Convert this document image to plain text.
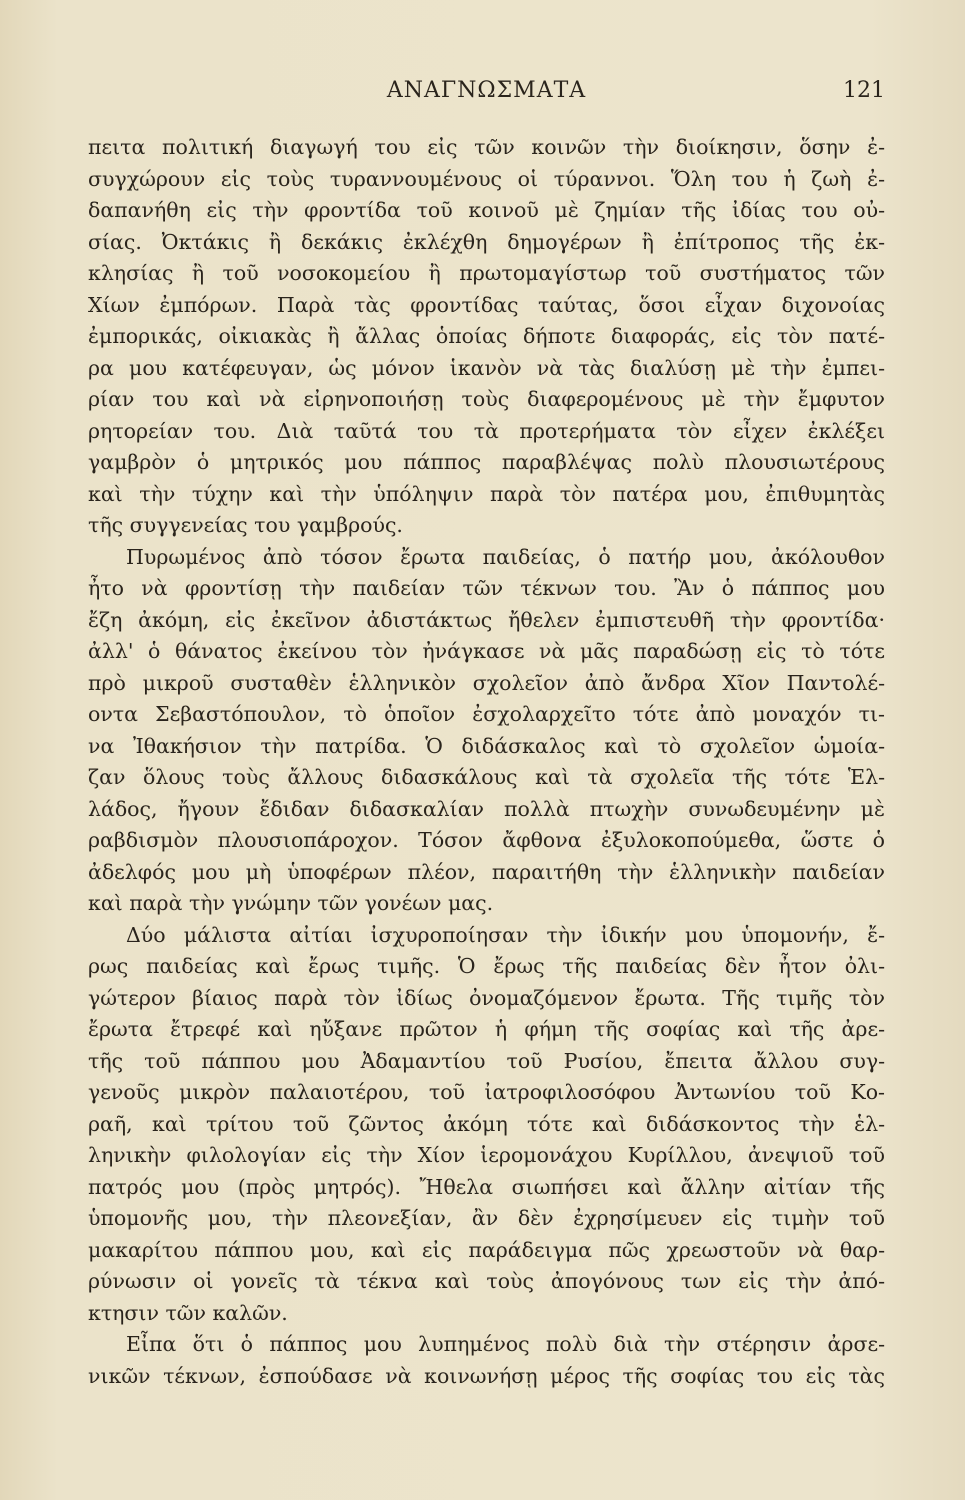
ΑΝΑΓΝΩΣΜΑΤΑ	121

πειτα πολιτική διαγωγή του εἰς τῶν κοινῶν τὴν διοίκησιν, ὅσην ἐ-

συγχώρουν εἰς τοὺς τυραννουμένους οἱ τύραννοι. Ὅλη του ἡ ζωὴ ἐ-

δαπανήθη εἰς τὴν φροντίδα τοῦ κοινοῦ μὲ ζημίαν τῆς ἰδίας του οὐ-

σίας. Ὀκτάκις ἢ δεκάκις ἐκλέχθη δημογέρων ἢ ἐπίτροπος τῆς ἐκ-

κλησίας ἢ τοῦ νοσοκομείου ἢ πρωτομαγίστωρ τοῦ συστήματος τῶν

Χίων ἐμπόρων. Παρὰ τὰς φροντίδας ταύτας, ὅσοι εἶχαν διχονοίας

ἐμπορικάς, οἰκιακὰς ἢ ἄλλας ὁποίας δήποτε διαφοράς, εἰς τὸν πατέ-

ρα μου κατέφευγαν, ὡς μόνον ἱκανὸν νὰ τὰς διαλύσῃ μὲ τὴν ἐμπει-

ρίαν του καὶ νὰ εἰρηνοποιήσῃ τοὺς διαφερομένους μὲ τὴν ἔμφυτον

ρητορείαν του. Διὰ ταῦτά του τὰ προτερήματα τὸν εἶχεν ἐκλέξει

γαμβρὸν ὁ μητρικός μου πάππος παραβλέψας πολὺ πλουσιωτέρους

καὶ τὴν τύχην καὶ τὴν ὑπόληψιν παρὰ τὸν πατέρα μου, ἐπιθυμητὰς

τῆς συγγενείας του γαμβρούς.

Πυρωμένος ἀπὸ τόσον ἔρωτα παιδείας, ὁ πατήρ μου, ἀκόλουθον

ἦτο νὰ φροντίσῃ τὴν παιδείαν τῶν τέκνων του. Ἂν ὁ πάππος μου

ἔζη ἀκόμη, εἰς ἐκεῖνον ἀδιστάκτως ἤθελεν ἐμπιστευθῆ τὴν φροντίδα·

ἀλλ' ὁ θάνατος ἐκείνου τὸν ἠνάγκασε νὰ μᾶς παραδώσῃ εἰς τὸ τότε

πρὸ μικροῦ συσταθὲν ἑλληνικὸν σχολεῖον ἀπὸ ἄνδρα Χῖον Παντολέ-

οντα Σεβαστόπουλον, τὸ ὁποῖον ἐσχολαρχεῖτο τότε ἀπὸ μοναχόν τι-

να Ἰθακήσιον τὴν πατρίδα. Ὁ διδάσκαλος καὶ τὸ σχολεῖον ὡμοία-

ζαν ὅλους τοὺς ἄλλους διδασκάλους καὶ τὰ σχολεῖα τῆς τότε Ἑλ-

λάδος, ἤγουν ἔδιδαν διδασκαλίαν πολλὰ πτωχὴν συνωδευμένην μὲ

ραβδισμὸν πλουσιοπάροχον. Τόσον ἄφθονα ἐξυλοκοπούμεθα, ὥστε ὁ

ἀδελφός μου μὴ ὑποφέρων πλέον, παραιτήθη τὴν ἑλληνικὴν παιδείαν

καὶ παρὰ τὴν γνώμην τῶν γονέων μας.

Δύο μάλιστα αἰτίαι ἰσχυροποίησαν τὴν ἰδικήν μου ὑπομονήν, ἔ-

ρως παιδείας καὶ ἔρως τιμῆς. Ὁ ἔρως τῆς παιδείας δὲν ἦτον ὀλι-

γώτερον βίαιος παρὰ τὸν ἰδίως ὀνομαζόμενον ἔρωτα. Τῆς τιμῆς τὸν

ἔρωτα ἔτρεφέ καὶ ηὔξανε πρῶτον ἡ φήμη τῆς σοφίας καὶ τῆς ἀρε-

τῆς τοῦ πάππου μου Ἀδαμαντίου τοῦ Ρυσίου, ἔπειτα ἄλλου συγ-

γενοῦς μικρὸν παλαιοτέρου, τοῦ ἰατροφιλοσόφου Ἀντωνίου τοῦ Κο-

ραῆ, καὶ τρίτου τοῦ ζῶντος ἀκόμη τότε καὶ διδάσκοντος τὴν ἑλ-

ληνικὴν φιλολογίαν εἰς τὴν Χίον ἱερομονάχου Κυρίλλου, ἀνεψιοῦ τοῦ

πατρός μου (πρὸς μητρός). Ἤθελα σιωπήσει καὶ ἄλλην αἰτίαν τῆς

ὑπομονῆς μου, τὴν πλεονεξίαν, ἂν δὲν ἐχρησίμευεν εἰς τιμὴν τοῦ

μακαρίτου πάππου μου, καὶ εἰς παράδειγμα πῶς χρεωστοῦν νὰ θαρ-

ρύνωσιν οἱ γονεῖς τὰ τέκνα καὶ τοὺς ἀπογόνους των εἰς τὴν ἀπό-

κτησιν τῶν καλῶν.

Εἶπα ὅτι ὁ πάππος μου λυπημένος πολὺ διὰ τὴν στέρησιν ἀρσε-

νικῶν τέκνων, ἐσπούδασε νὰ κοινωνήσῃ μέρος τῆς σοφίας του εἰς τὰς
